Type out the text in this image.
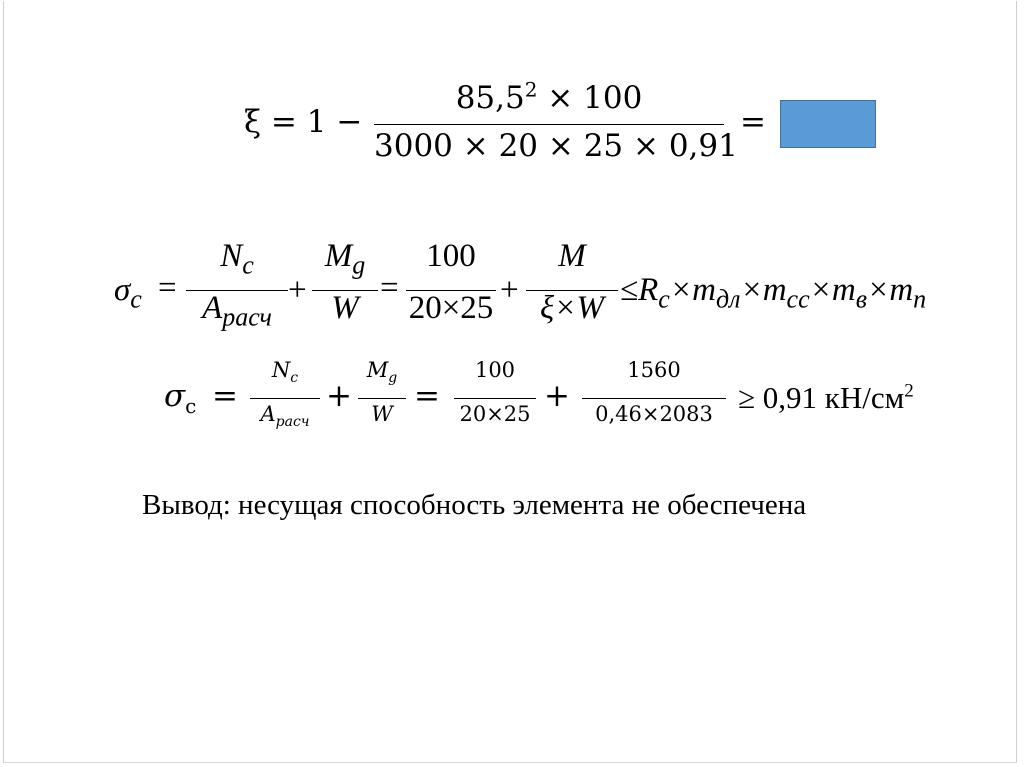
ξ = 1 −
$85,5^2 \times 100$
3000 × 20 × 25 × 0,91
=
$\sigma_c$ =
$N_c$
$A_{расч}$
+
$M_g$
W
=
100
20×25 +
M
$\xi\times W \le R_c\times m_{дл}\times m_{сс}\times m_в\times m_n$
$\sigma_c$ =
$N_c$
$A_{расч}$
+
$M_g$
W =
100
20×25 +
1560
0,46×2083 ≥ 0,91 $кН/см^2$
Вывод: несущая способность элемента не обеспечена
